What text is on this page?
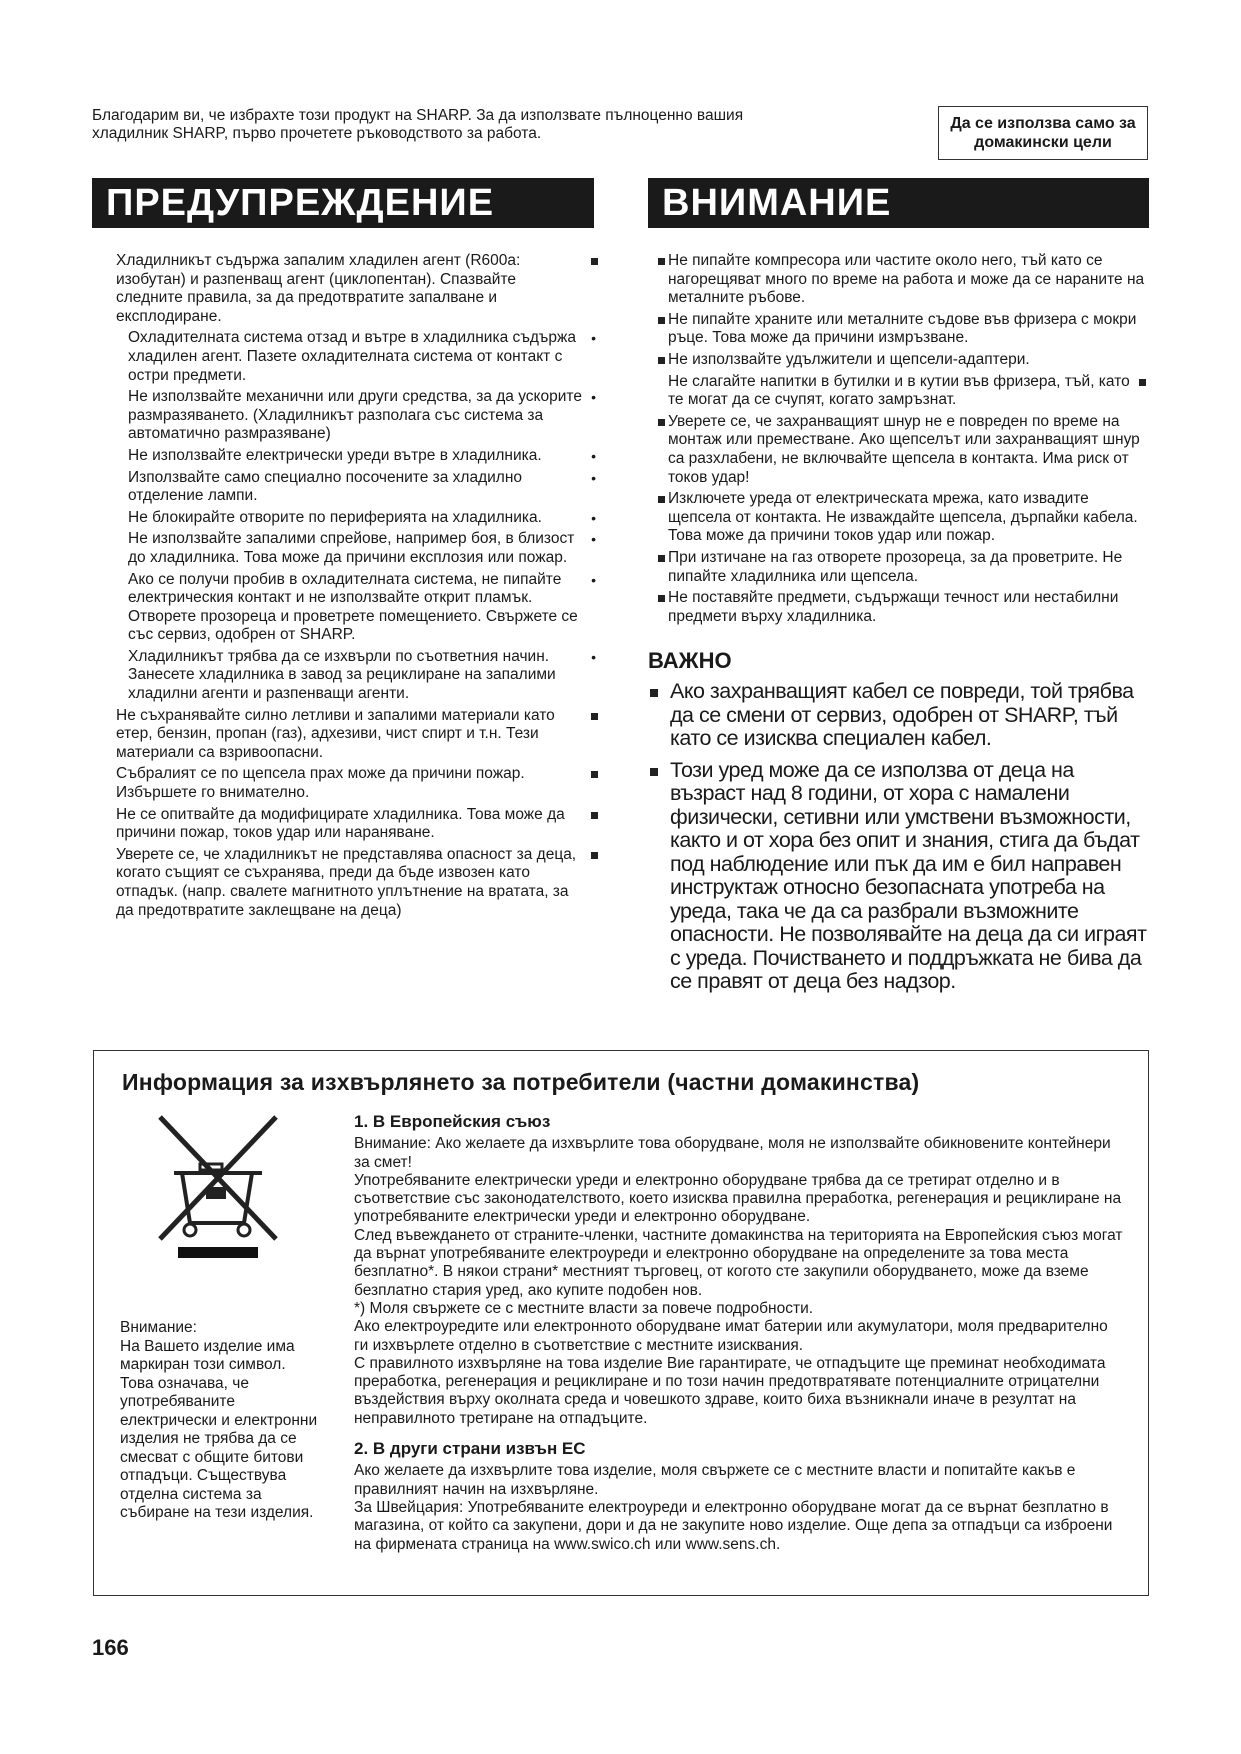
Благодарим ви, че избрахте този продукт на SHARP. За да използвате пълноценно вашия
хладилник SHARP, първо прочетете ръководството за работа.
Да се използва само за домакински цели
ПРЕДУПРЕЖДЕНИЕ	ВНИМАНИЕ
Хладилникът съдържа запалим хладилен агент (R600a: изобутан) и разпенващ агент (циклопентан). Спазвайте следните правила, за да предотвратите запалване и експлодиране.
Охладителната система отзад и вътре в хладилника съдържа хладилен агент. Пазете охладителната система от контакт с остри предмети. •
Не използвайте механични или други средства, за да ускорите размразяването. (Хладилникът разполага със система за автоматично размразяване) •
Не използвайте електрически уреди вътре в хладилника. •
Използвайте само специално посочените за хладилно отделение лампи. •
Не блокирайте отворите по периферията на хладилника. •
Не използвайте запалими спрейове, например боя, в близост до хладилника. Това може да причини експлозия или пожар. •
Ако се получи пробив в охладителната система, не пипайте електрическия контакт и не използвайте открит пламък. Отворете прозореца и проветрете помещението. Свържете се със сервиз, одобрен от SHARP. •
Хладилникът трябва да се изхвърли по съответния начин. Занесете хладилника в завод за рециклиране на запалими хладилни агенти и разпенващи агенти. •
Не съхранявайте силно летливи и запалими материали като етер, бензин, пропан (газ), адхезиви, чист спирт и т.н. Тези материали са взривоопасни.
Събралият се по щепсела прах може да причини пожар. Избършете го внимателно.
Не се опитвайте да модифицирате хладилника. Това може да причини пожар, токов удар или нараняване.
Уверете се, че хладилникът не представлява опасност за деца, когато същият се съхранява, преди да бъде извозен като отпадък. (напр. свалете магнитното уплътнение на вратата, за да предотвратите заклещване на деца)
Не пипайте компресора или частите около него, тъй като се нагорещяват много по време на работа и може да се нараните на металните ръбове.
Не пипайте храните или металните съдове във фризера с мокри ръце. Това може да причини измръзване.
Не използвайте удължители и щепсели-адаптери.
Не слагайте напитки в бутилки и в кутии във фризера, тъй, като те могат да се счупят, когато замръзнат.
Уверете се, че захранващият шнур не е повреден по време на монтаж или преместване. Ако щепселът или захранващият шнур са разхлабени, не включвайте щепсела в контакта. Има риск от токов удар!
Изключете уреда от електрическата мрежа, като извадите щепсела от контакта. Не изваждайте щепсела, дърпайки кабела. Това може да причини токов удар или пожар.
При изтичане на газ отворете прозореца, за да проветрите. Не пипайте хладилника или щепсела.
Не поставяйте предмети, съдържащи течност или нестабилни предмети върху хладилника.
ВАЖНО
Ако захранващият кабел се повреди, той трябва да се смени от сервиз, одобрен от SHARP, тъй като се изисква специален кабел.
Този уред може да се използва от деца на възраст над 8 години, от хора с намалени физически, сетивни или умствени възможности, както и от хора без опит и знания, стига да бъдат под наблюдение или пък да им е бил направен инструктаж относно безопасната употреба на уреда, така че да са разбрали възможните опасности. Не позволявайте на деца да си играят с уреда. Почистването и поддръжката не бива да се правят от деца без надзор.
Информация за изхвърлянето за потребители (частни домакинства)
Внимание:
На Вашето изделие има маркиран този символ. Това означава, че употребяваните електрически и електронни изделия не трябва да се смесват с общите битови отпадъци. Съществува отделна система за събиране на тези изделия.
1. В Европейския съюз

Внимание: Ако желаете да изхвърлите това оборудване, моля не използвайте обикновените контейнери за смет!

Употребяваните електрически уреди и електронно оборудване трябва да се третират отделно и в съответствие със законодателството, което изисква правилна преработка, регенерация и рециклиране на употребяваните електрически уреди и електронно оборудване.

След въвеждането от страните-членки, частните домакинства на територията на Европейския съюз могат да върнат употребяваните електроуреди и електронно оборудване на определените за това места безплатно*. В някои страни* местният търговец, от когото сте закупили оборудването, може да вземе безплатно стария уред, ако купите подобен нов.

*) Моля свържете се с местните власти за повече подробности.

Ако електроуредите или електронното оборудване имат батерии или акумулатори, моля предварително ги изхвърлете отделно в съответствие с местните изисквания.

С правилното изхвърляне на това изделие Вие гарантирате, че отпадъците ще преминат необходимата преработка, регенерация и рециклиране и по този начин предотвратявате потенциалните отрицателни въздействия върху околната среда и човешкото здраве, които биха възникнали иначе в резултат на неправилното третиране на отпадъците.

2. В други страни извън ЕС

Ако желаете да изхвърлите това изделие, моля свържете се с местните власти и попитайте какъв е правилният начин на изхвърляне.

За Швейцария: Употребяваните електроуреди и електронно оборудване могат да се върнат безплатно в магазина, от който са закупени, дори и да не закупите ново изделие. Още депа за отпадъци са изброени на фирмената страница на www.swico.ch или www.sens.ch.

166
